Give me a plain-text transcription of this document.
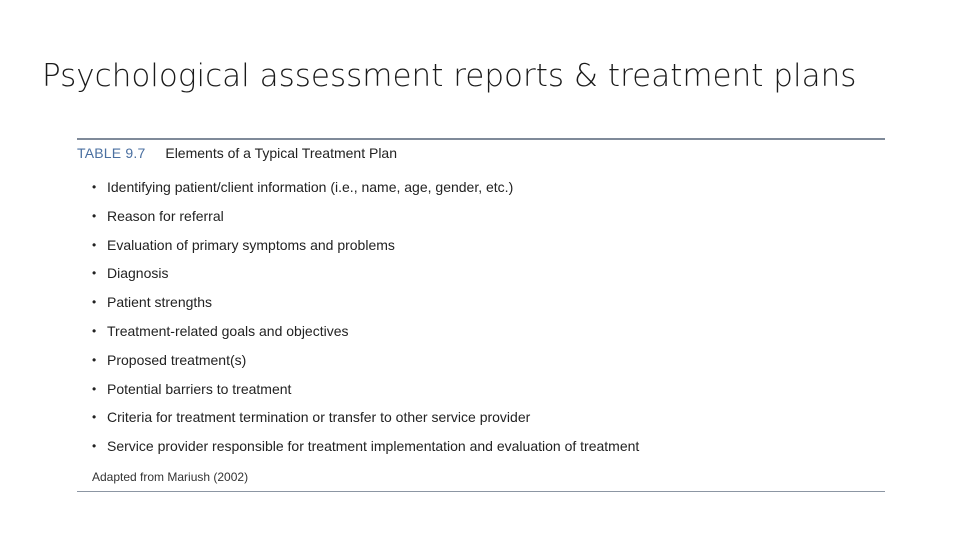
Psychological assessment reports & treatment plans
TABLE 9.7 Elements of a Typical Treatment Plan
• Identifying patient/client information (i.e., name, age, gender, etc.)
• Reason for referral
• Evaluation of primary symptoms and problems
• Diagnosis
• Patient strengths
• Treatment-related goals and objectives
• Proposed treatment(s)
• Potential barriers to treatment
• Criteria for treatment termination or transfer to other service provider
• Service provider responsible for treatment implementation and evaluation of treatment
Adapted from Mariush (2002)
